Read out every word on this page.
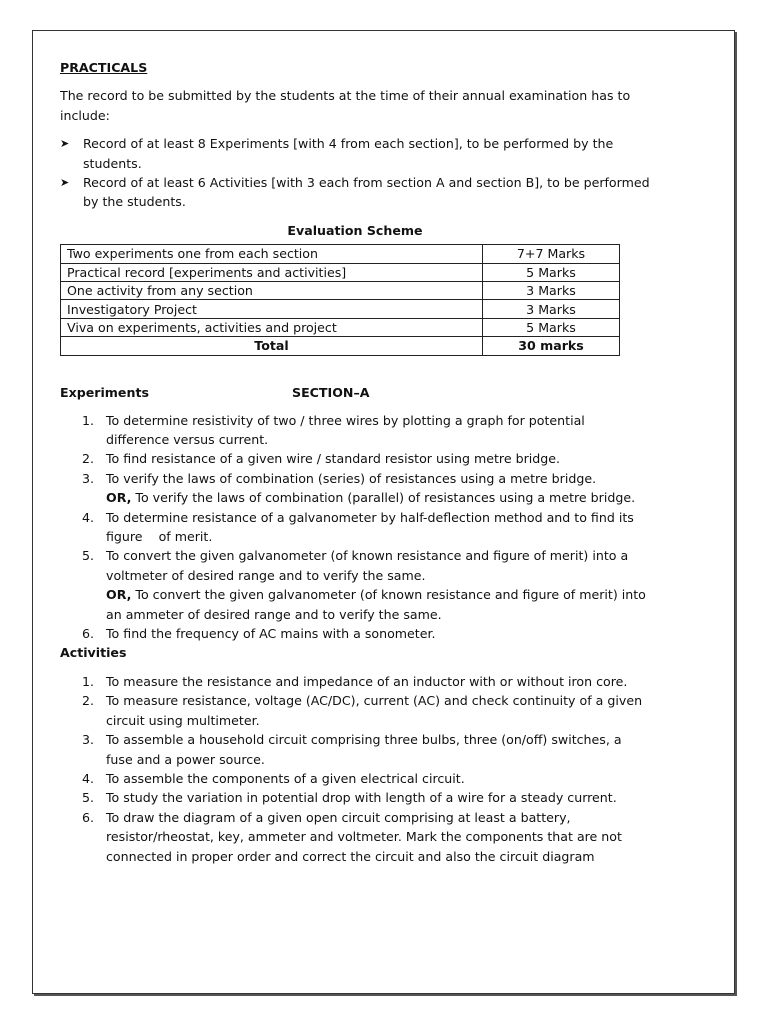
PRACTICALS

The record to be submitted by the students at the time of their annual examination has to include:

➤ Record of at least 8 Experiments [with 4 from each section], to be performed by the students.
➤ Record of at least 6 Activities [with 3 each from section A and section B], to be performed by the students.

Evaluation Scheme

Two experiments one from each section	7+7 Marks
Practical record [experiments and activities]	5 Marks
One activity from any section	3 Marks
Investigatory Project	3 Marks
Viva on experiments, activities and project	5 Marks
Total	30 marks

Experiments	SECTION–A

1. To determine resistivity of two / three wires by plotting a graph for potential difference versus current.
2. To find resistance of a given wire / standard resistor using metre bridge.
3. To verify the laws of combination (series) of resistances using a metre bridge.
OR, To verify the laws of combination (parallel) of resistances using a metre bridge.
4. To determine resistance of a galvanometer by half-deflection method and to find its figure    of merit.
5. To convert the given galvanometer (of known resistance and figure of merit) into a voltmeter of desired range and to verify the same.
OR, To convert the given galvanometer (of known resistance and figure of merit) into an ammeter of desired range and to verify the same.
6. To find the frequency of AC mains with a sonometer.

Activities

1. To measure the resistance and impedance of an inductor with or without iron core.
2. To measure resistance, voltage (AC/DC), current (AC) and check continuity of a given circuit using multimeter.
3. To assemble a household circuit comprising three bulbs, three (on/off) switches, a fuse and a power source.
4. To assemble the components of a given electrical circuit.
5. To study the variation in potential drop with length of a wire for a steady current.
6. To draw the diagram of a given open circuit comprising at least a battery, resistor/rheostat, key, ammeter and voltmeter. Mark the components that are not connected in proper order and correct the circuit and also the circuit diagram
